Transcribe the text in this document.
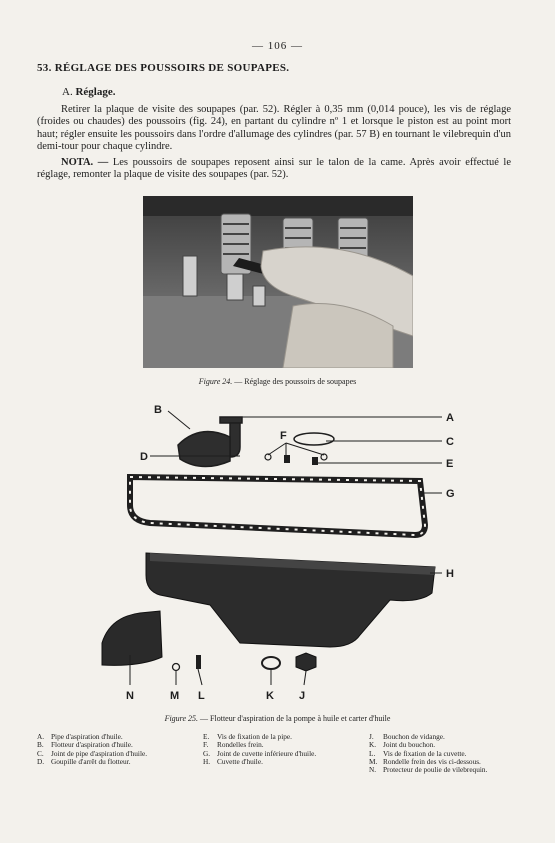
— 106 —
53. RÉGLAGE DES POUSSOIRS DE SOUPAPES.
A. Réglage.
Retirer la plaque de visite des soupapes (par. 52). Régler à 0,35 mm (0,014 pouce), les vis de réglage (froides ou chaudes) des poussoirs (fig. 24), en partant du cylindre nº 1 et lorsque le piston est au point mort haut; régler ensuite les poussoirs dans l'ordre d'allumage des cylindres (par. 57 B) en tournant le vilebrequin d'un demi-tour pour chaque cylindre.
NOTA. — Les poussoirs de soupapes reposent ainsi sur le talon de la came. Après avoir effectué le réglage, remonter la plaque de visite des soupapes (par. 52).
Figure 24. — Réglage des poussoirs de soupapes
B
A
F	C
D
E
G
H
N	M L	K J
Figure 25. — Flotteur d'aspiration de la pompe à huile et carter d'huile
A. Pipe d'aspiration d'huile.
B. Flotteur d'aspiration d'huile.
C. Joint de pipe d'aspiration d'huile.
D. Goupille d'arrêt du flotteur.
E. Vis de fixation de la pipe.
F. Rondelles frein.
G. Joint de cuvette inférieure d'huile.
H. Cuvette d'huile.
J. Bouchon de vidange.
K. Joint du bouchon.
L. Vis de fixation de la cuvette.
M. Rondelle frein des vis ci-dessous.
N. Protecteur de poulie de vilebrequin.
